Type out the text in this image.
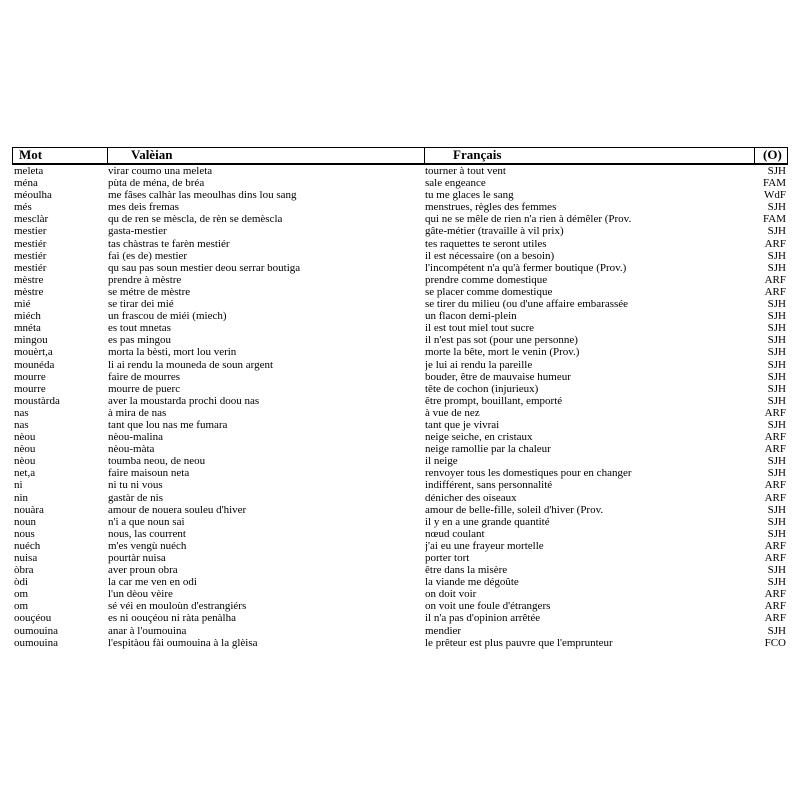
Mot	Valèian	Français	(O)
meleta	virar coumo una meleta	tourner à tout vent	SJH
ména	pùta de ména, de bréa	sale engeance	FAM
méoulha	me fâses calhàr las meoulhas dins lou sang	tu me glaces le sang	WdF
més	mes deis fremas	menstrues, règles des femmes	SJH
mesclàr	qu de ren se mèscla, de rèn se demèscla	qui ne se mêle de rien n'a rien à démêler (Prov.	FAM
mestier	gasta-mestier	gâte-métier (travaille à vil prix)	SJH
mestiér	tas chàstras te farèn mestiér	tes raquettes te seront utiles	ARF
mestiér	fai (es de) mestier	il est nécessaire (on a besoin)	SJH
mestiér	qu sau pas soun mestier deou serrar boutiga	l'incompétent n'a qu'à fermer boutique (Prov.)	SJH
mèstre	prendre à mèstre	prendre comme domestique	ARF
mèstre	se métre de mèstre	se placer comme domestique	ARF
mié	se tirar dei mié	se tirer du milieu (ou d'une affaire embarassée	SJH
miéch	un frascou de miéi (miech)	un flacon demi-plein	SJH
mnéta	es tout mnetas	il est tout miel tout sucre	SJH
mingou	es pas mingou	il n'est pas sot (pour une personne)	SJH
mouèrt,a	morta la bèsti, mort lou verin	morte la bête, mort le venin (Prov.)	SJH
mounéda	li ai rendu la mouneda de soun argent	je lui ai rendu la pareille	SJH
mourre	faire de mourres	bouder, être de mauvaise humeur	SJH
mourre	mourre de puerc	tête de cochon (injurieux)	SJH
moustàrda	aver la moustarda prochi doou nas	être prompt, bouillant, emporté	SJH
nas	à mira de nas	à vue de nez	ARF
nas	tant que lou nas me fumara	tant que je vivrai	SJH
nèou	nèou-malina	neige seiche, en cristaux	ARF
nèou	nèou-màta	neige ramollie par la chaleur	ARF
nèou	toumba neou, de neou	il neige	SJH
net,a	faire maisoun neta	renvoyer tous les domestiques pour en changer	SJH
ni	ni tu ni vous	indifférent, sans personnalité	ARF
nin	gastàr de nis	dénicher des oiseaux	ARF
nouàra	amour de nouera souleu d'hiver	amour de belle-fille, soleil d'hiver (Prov.	SJH
noun	n'i a que noun sai	il y en a une grande quantité	SJH
nous	nous, las courrent	nœud coulant	SJH
nuéch	m'es vengù nuéch	j'ai eu une frayeur mortelle	ARF
nuisa	pourtàr nuisa	porter tort	ARF
òbra	aver proun obra	être dans la misère	SJH
òdi	la car me ven en odi	la viande me dégoûte	SJH
om	l'un dèou vèire	on doit voir	ARF
om	sé véi en mouloùn d'estrangiérs	on voit une foule d'étrangers	ARF
oouçéou	es ni oouçéou ni ràta penàlha	il n'a pas d'opinion arrêtée	ARF
oumouina	anar à l'oumouina	mendier	SJH
oumouina	l'espitàou fài oumouina à la glèisa	le prêteur est plus pauvre que l'emprunteur	FCO
